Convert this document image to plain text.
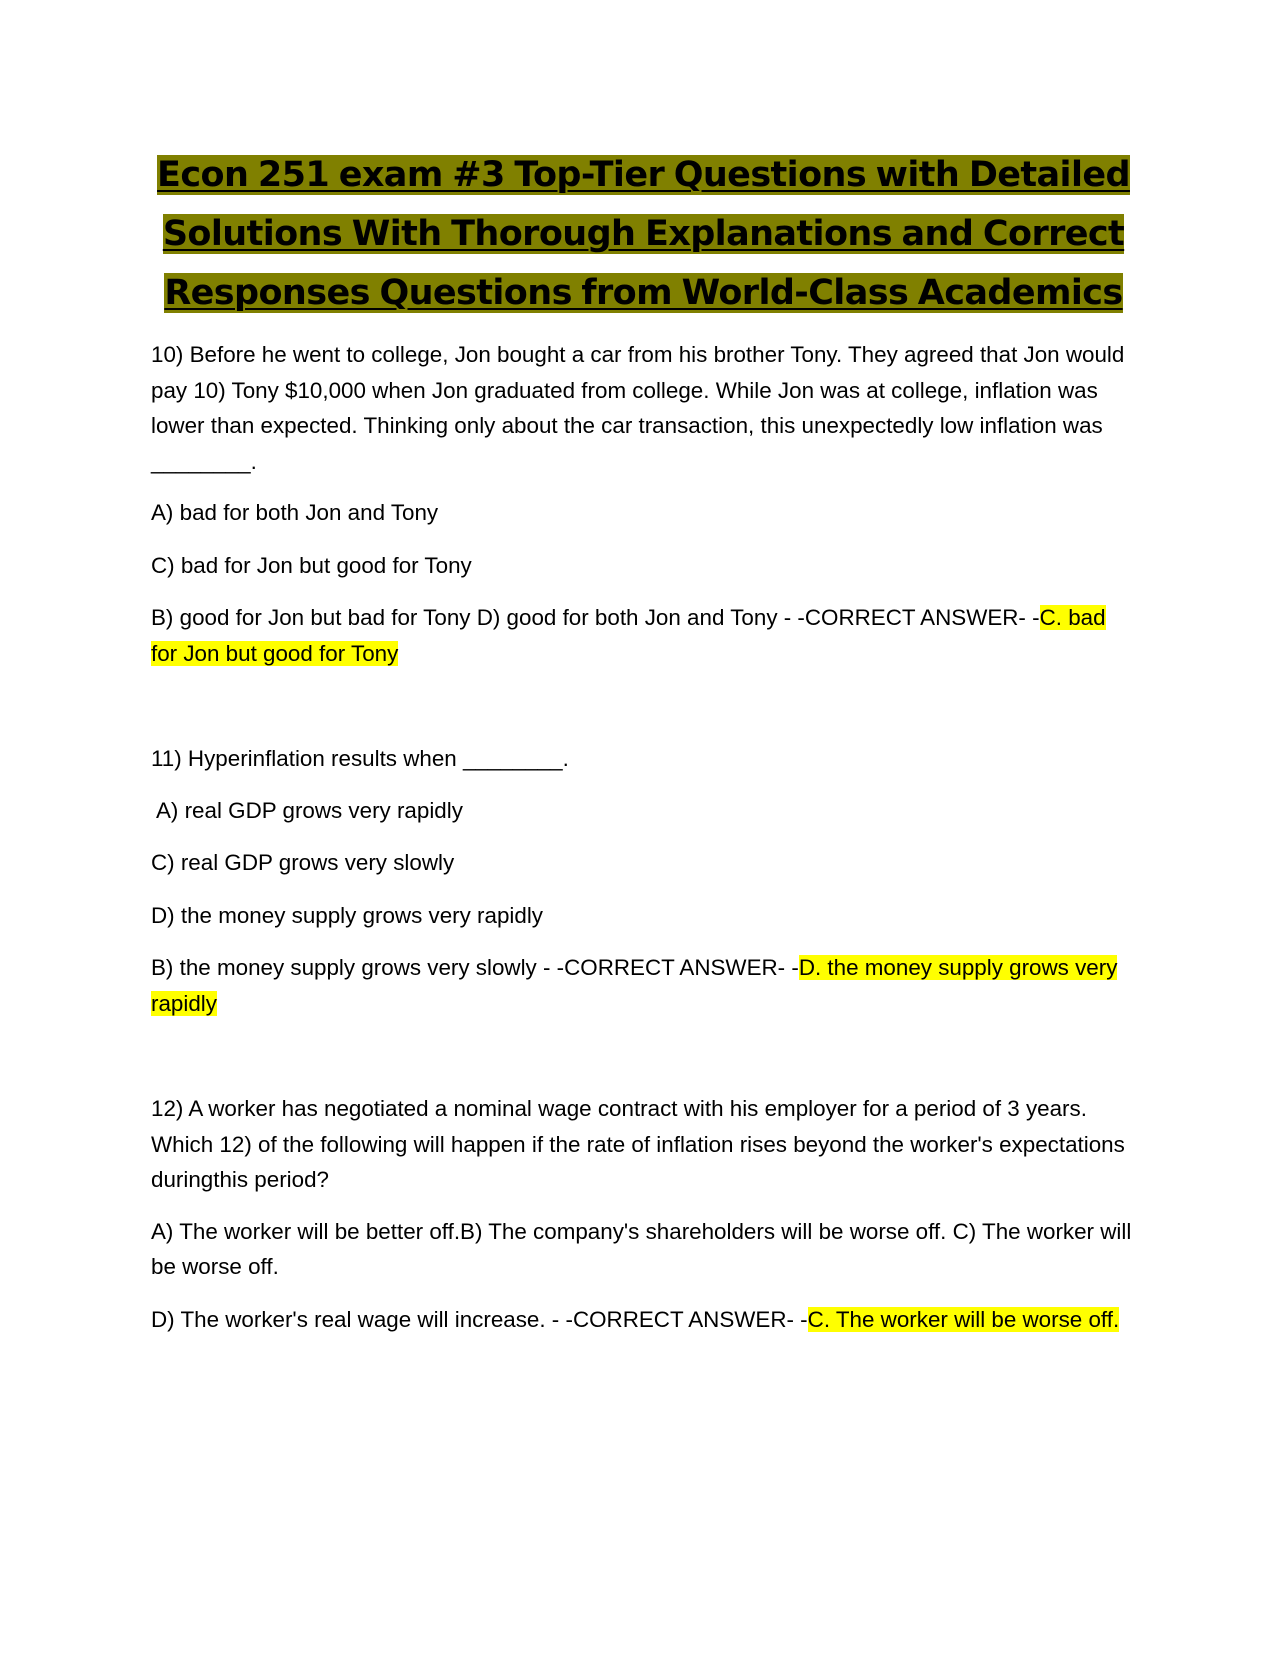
Econ 251 exam #3 Top-Tier Questions with Detailed
Solutions With Thorough Explanations and Correct
Responses Questions from World-Class Academics

10) Before he went to college, Jon bought a car from his brother Tony. They agreed that Jon would pay 10) Tony $10,000 when Jon graduated from college. While Jon was at college, inflation was lower than expected. Thinking only about the car transaction, this unexpectedly low inflation was ________.

A) bad for both Jon and Tony

C) bad for Jon but good for Tony

B) good for Jon but bad for Tony D) good for both Jon and Tony - -CORRECT ANSWER- -C. bad for Jon but good for Tony

11) Hyperinflation results when ________.

A) real GDP grows very rapidly

C) real GDP grows very slowly

D) the money supply grows very rapidly

B) the money supply grows very slowly - -CORRECT ANSWER- -D. the money supply grows very rapidly

12) A worker has negotiated a nominal wage contract with his employer for a period of 3 years. Which 12) of the following will happen if the rate of inflation rises beyond the worker's expectations duringthis period?

A) The worker will be better off.B) The company's shareholders will be worse off. C) The worker will be worse off.

D) The worker's real wage will increase. - -CORRECT ANSWER- -C. The worker will be worse off.
